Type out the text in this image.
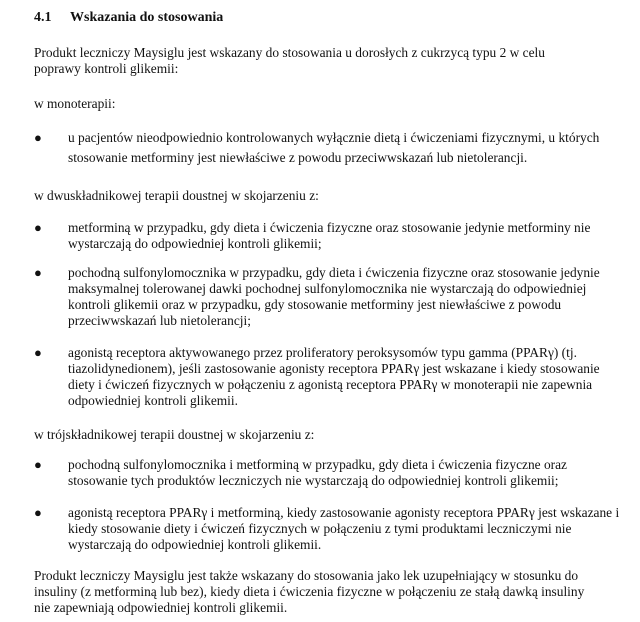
4.1 Wskazania do stosowania
Produkt leczniczy Maysiglu jest wskazany do stosowania u dorosłych z cukrzycą typu 2 w celu poprawy kontroli glikemii:
w monoterapii:
● u pacjentów nieodpowiednio kontrolowanych wyłącznie dietą i ćwiczeniami fizycznymi, u których stosowanie metforminy jest niewłaściwe z powodu przeciwwskazań lub nietolerancji.
w dwuskładnikowej terapii doustnej w skojarzeniu z:
● metforminą w przypadku, gdy dieta i ćwiczenia fizyczne oraz stosowanie jedynie metforminy nie wystarczają do odpowiedniej kontroli glikemii;
● pochodną sulfonylomocznika w przypadku, gdy dieta i ćwiczenia fizyczne oraz stosowanie jedynie maksymalnej tolerowanej dawki pochodnej sulfonylomocznika nie wystarczają do odpowiedniej kontroli glikemii oraz w przypadku, gdy stosowanie metforminy jest niewłaściwe z powodu przeciwwskazań lub nietolerancji;
● agonistą receptora aktywowanego przez proliferatory peroksysomów typu gamma (PPARγ) (tj. tiazolidynedionem), jeśli zastosowanie agonisty receptora PPARγ jest wskazane i kiedy stosowanie diety i ćwiczeń fizycznych w połączeniu z agonistą receptora PPARγ w monoterapii nie zapewnia odpowiedniej kontroli glikemii.
w trójskładnikowej terapii doustnej w skojarzeniu z:
● pochodną sulfonylomocznika i metforminą w przypadku, gdy dieta i ćwiczenia fizyczne oraz stosowanie tych produktów leczniczych nie wystarczają do odpowiedniej kontroli glikemii;
● agonistą receptora PPARγ i metforminą, kiedy zastosowanie agonisty receptora PPARγ jest wskazane i kiedy stosowanie diety i ćwiczeń fizycznych w połączeniu z tymi produktami leczniczymi nie wystarczają do odpowiedniej kontroli glikemii.
Produkt leczniczy Maysiglu jest także wskazany do stosowania jako lek uzupełniający w stosunku do insuliny (z metforminą lub bez), kiedy dieta i ćwiczenia fizyczne w połączeniu ze stałą dawką insuliny nie zapewniają odpowiedniej kontroli glikemii.
